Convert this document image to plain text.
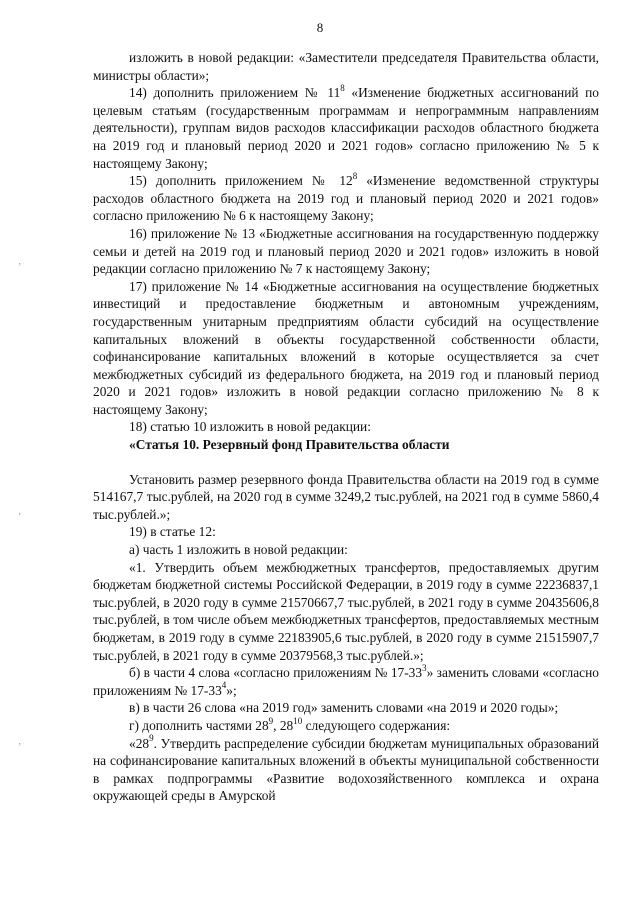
8

изложить в новой редакции: «Заместители председателя Правительства области, министры области»;

14) дополнить приложением № $11^8$ «Изменение бюджетных ассигнований по целевым статьям (государственным программам и непрограммным направлениям деятельности), группам видов расходов классификации расходов областного бюджета на 2019 год и плановый период 2020 и 2021 годов» согласно приложению № 5 к настоящему Закону;

15) дополнить приложением № $12^8$ «Изменение ведомственной структуры расходов областного бюджета на 2019 год и плановый период 2020 и 2021 годов» согласно приложению № 6 к настоящему Закону;

16) приложение № 13 «Бюджетные ассигнования на государственную поддержку семьи и детей на 2019 год и плановый период 2020 и 2021 годов» изложить в новой редакции согласно приложению № 7 к настоящему Закону;

17) приложение № 14 «Бюджетные ассигнования на осуществление бюджетных инвестиций и предоставление бюджетным и автономным учреждениям, государственным унитарным предприятиям области субсидий на осуществление капитальных вложений в объекты государственной собственности области, софинансирование капитальных вложений в которые осуществляется за счет межбюджетных субсидий из федерального бюджета, на 2019 год и плановый период 2020 и 2021 годов» изложить в новой редакции согласно приложению № 8 к настоящему Закону;

18) статью 10 изложить в новой редакции:

«Статья 10. Резервный фонд Правительства области

Установить размер резервного фонда Правительства области на 2019 год в сумме 514167,7 тыс.рублей, на 2020 год в сумме 3249,2 тыс.рублей, на 2021 год в сумме 5860,4 тыс.рублей.»;

19) в статье 12:

а) часть 1 изложить в новой редакции:

«1. Утвердить объем межбюджетных трансфертов, предоставляемых другим бюджетам бюджетной системы Российской Федерации, в 2019 году в сумме 22236837,1 тыс.рублей, в 2020 году в сумме 21570667,7 тыс.рублей, в 2021 году в сумме 20435606,8 тыс.рублей, в том числе объем межбюджетных трансфертов, предоставляемых местным бюджетам, в 2019 году в сумме 22183905,6 тыс.рублей, в 2020 году в сумме 21515907,7 тыс.рублей, в 2021 году в сумме 20379568,3 тыс.рублей.»;

б) в части 4 слова «согласно приложениям № $17-33^3$» заменить словами «согласно приложениям № $17-33^4$»;

в) в части 26 слова «на 2019 год» заменить словами «на 2019 и 2020 годы»;

г) дополнить частями $28^9$, $28^{10}$ следующего содержания:

«$28^9$. Утвердить распределение субсидии бюджетам муниципальных образований на софинансирование капитальных вложений в объекты муниципальной собственности в рамках подпрограммы «Развитие водохозяйственного комплекса и охрана окружающей среды в Амурской

ʼ
ʼ
ʼ
